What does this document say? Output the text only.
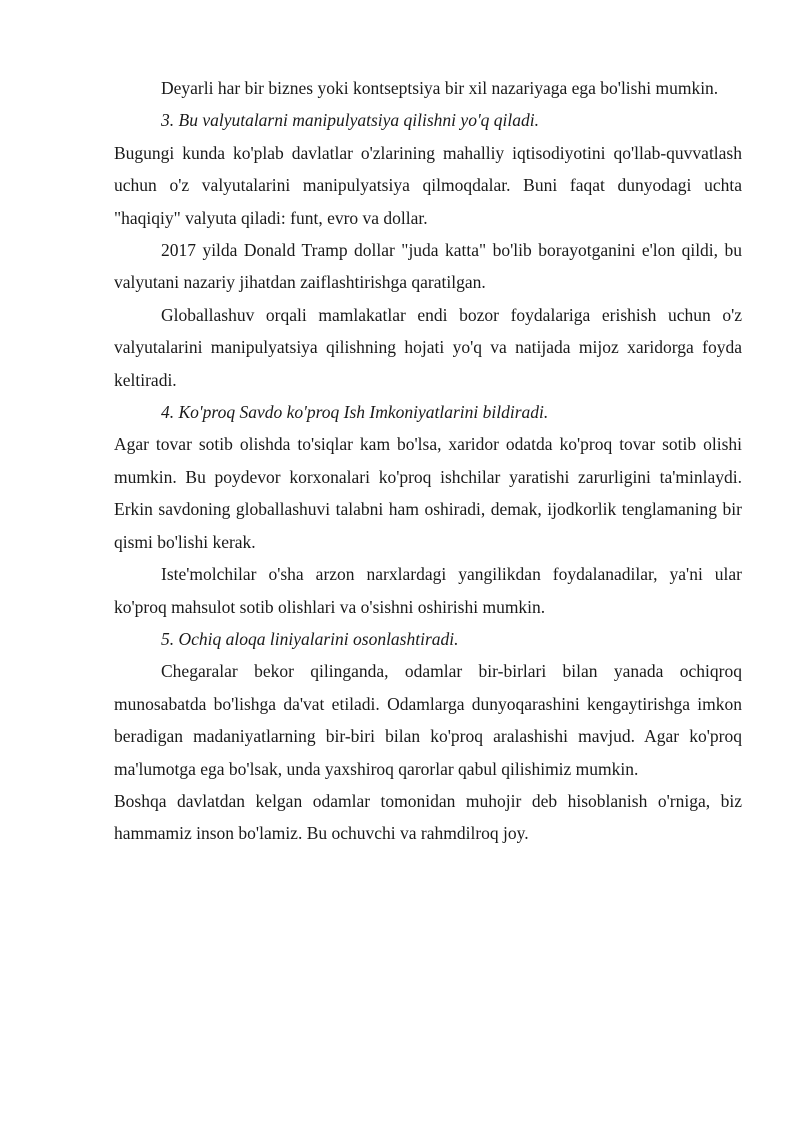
Deyarli har bir biznes yoki kontseptsiya bir xil nazariyaga ega bo'lishi mumkin.

3. Bu valyutalarni manipulyatsiya qilishni yo'q qiladi.

Bugungi kunda ko'plab davlatlar o'zlarining mahalliy iqtisodiyotini qo'llab-quvvatlash uchun o'z valyutalarini manipulyatsiya qilmoqdalar. Buni faqat dunyodagi uchta "haqiqiy" valyuta qiladi: funt, evro va dollar.

2017 yilda Donald Tramp dollar "juda katta" bo'lib borayotganini e'lon qildi, bu valyutani nazariy jihatdan zaiflashtirishga qaratilgan.

Globallashuv orqali mamlakatlar endi bozor foydalariga erishish uchun o'z valyutalarini manipulyatsiya qilishning hojati yo'q va natijada mijoz xaridorga foyda keltiradi.

4. Ko'proq Savdo ko'proq Ish Imkoniyatlarini bildiradi.

Agar tovar sotib olishda to'siqlar kam bo'lsa, xaridor odatda ko'proq tovar sotib olishi mumkin. Bu poydevor korxonalari ko'proq ishchilar yaratishi zarurligini ta'minlaydi. Erkin savdoning globallashuvi talabni ham oshiradi, demak, ijodkorlik tenglamaning bir qismi bo'lishi kerak.

Iste'molchilar o'sha arzon narxlardagi yangilikdan foydalanadilar, ya'ni ular ko'proq mahsulot sotib olishlari va o'sishni oshirishi mumkin.

5. Ochiq aloqa liniyalarini osonlashtiradi.

Chegaralar bekor qilinganda, odamlar bir-birlari bilan yanada ochiqroq munosabatda bo'lishga da'vat etiladi. Odamlarga dunyoqarashini kengaytirishga imkon beradigan madaniyatlarning bir-biri bilan ko'proq aralashishi mavjud. Agar ko'proq ma'lumotga ega bo'lsak, unda yaxshiroq qarorlar qabul qilishimiz mumkin.

Boshqa davlatdan kelgan odamlar tomonidan muhojir deb hisoblanish o'rniga, biz hammamiz inson bo'lamiz. Bu ochuvchi va rahmdilroq joy.
